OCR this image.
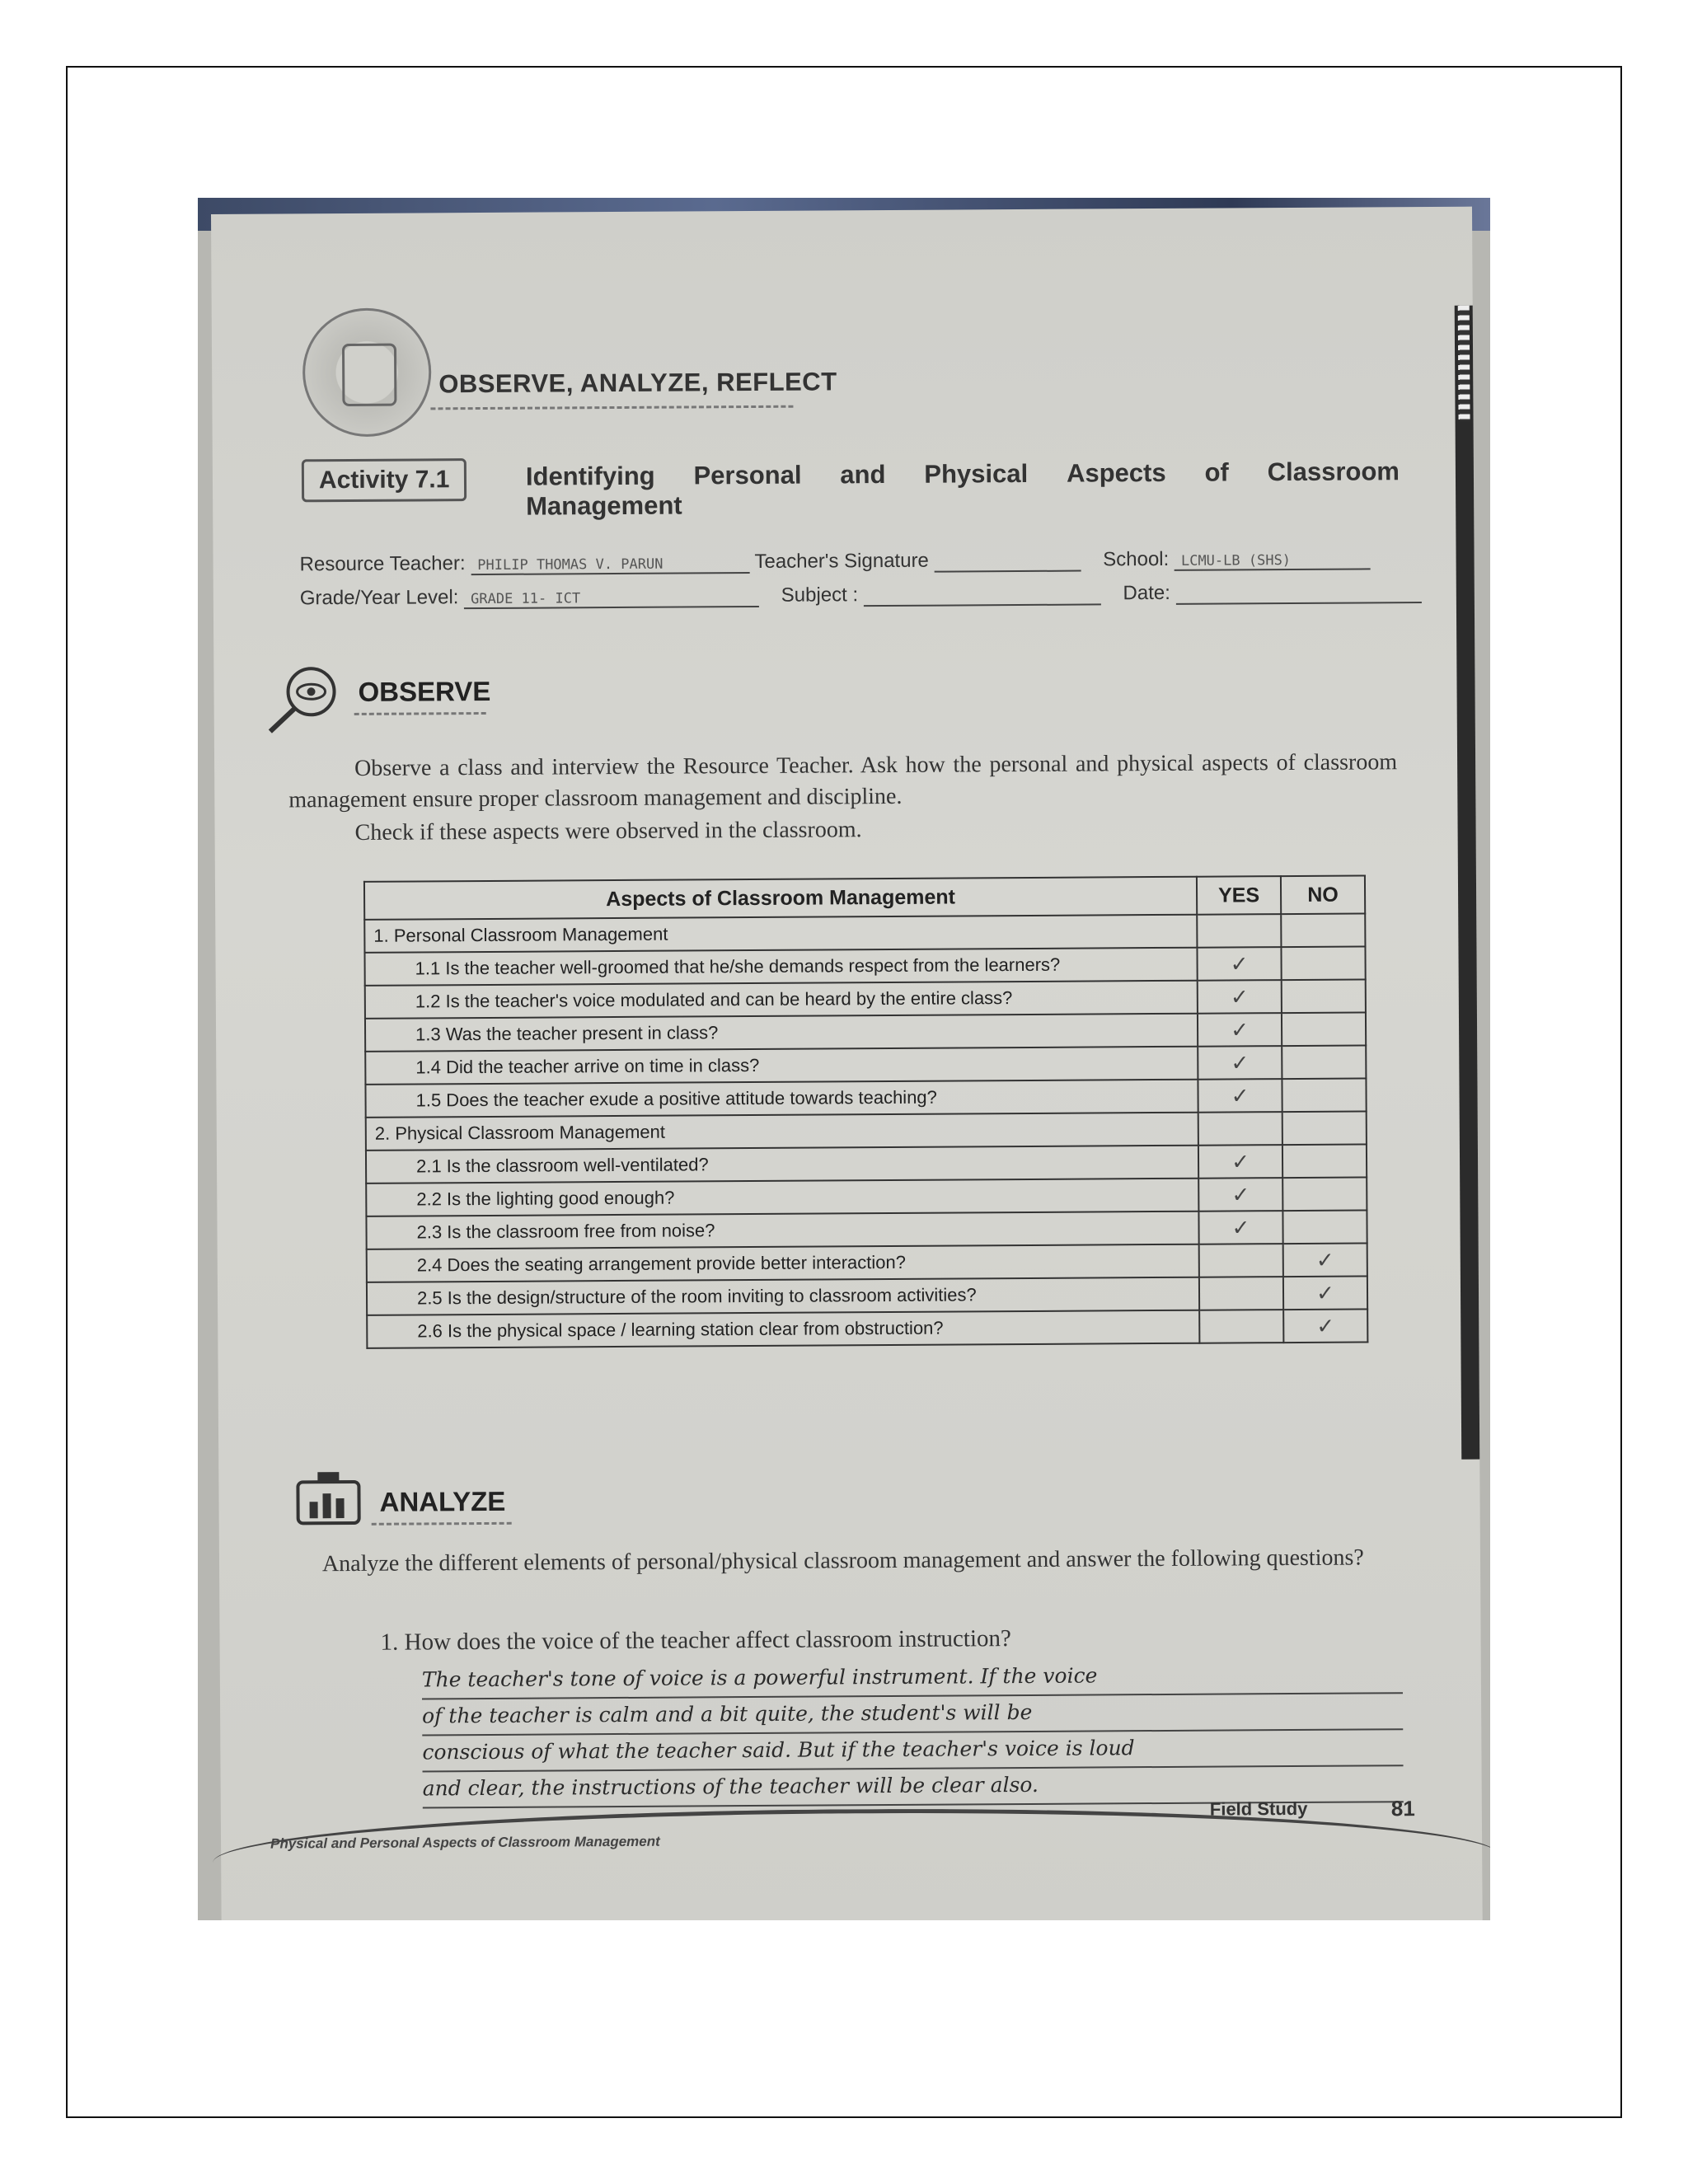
OBSERVE, ANALYZE, REFLECT
Activity 7.1	Identifying Personal and Physical Aspects of Classroom
Management
Resource Teacher: PHILIP THOMAS V. PARUN	Teacher's Signature	School: LCMU-LB (SHS)
Grade/Year Level: GRADE 11- ICT	Subject :	Date:
OBSERVE
Observe a class and interview the Resource Teacher. Ask how the personal and physical aspects of classroom management ensure proper classroom management and discipline.
Check if these aspects were observed in the classroom.
Aspects of Classroom Management	YES	NO
1. Personal Classroom Management		
1.1 Is the teacher well-groomed that he/she demands respect from the learners?	✓	
1.2 Is the teacher's voice modulated and can be heard by the entire class?	✓	
1.3 Was the teacher present in class?	✓	
1.4 Did the teacher arrive on time in class?	✓	
1.5 Does the teacher exude a positive attitude towards teaching?	✓	
2. Physical Classroom Management		
2.1 Is the classroom well-ventilated?	✓	
2.2 Is the lighting good enough?	✓	
2.3 Is the classroom free from noise?	✓	
2.4 Does the seating arrangement provide better interaction?		✓
2.5 Is the design/structure of the room inviting to classroom activities?		✓
2.6 Is the physical space / learning station clear from obstruction?		✓
ANALYZE
Analyze the different elements of personal/physical classroom management and answer the following questions?
1. How does the voice of the teacher affect classroom instruction?
The teacher's tone of voice is a powerful instrument. If the voice
of the teacher is calm and a bit quite, the student's will be
conscious of what the teacher said. But if the teacher's voice is loud
and clear, the instructions of the teacher will be clear also.
Physical and Personal Aspects of Classroom Management
Field Study	81
